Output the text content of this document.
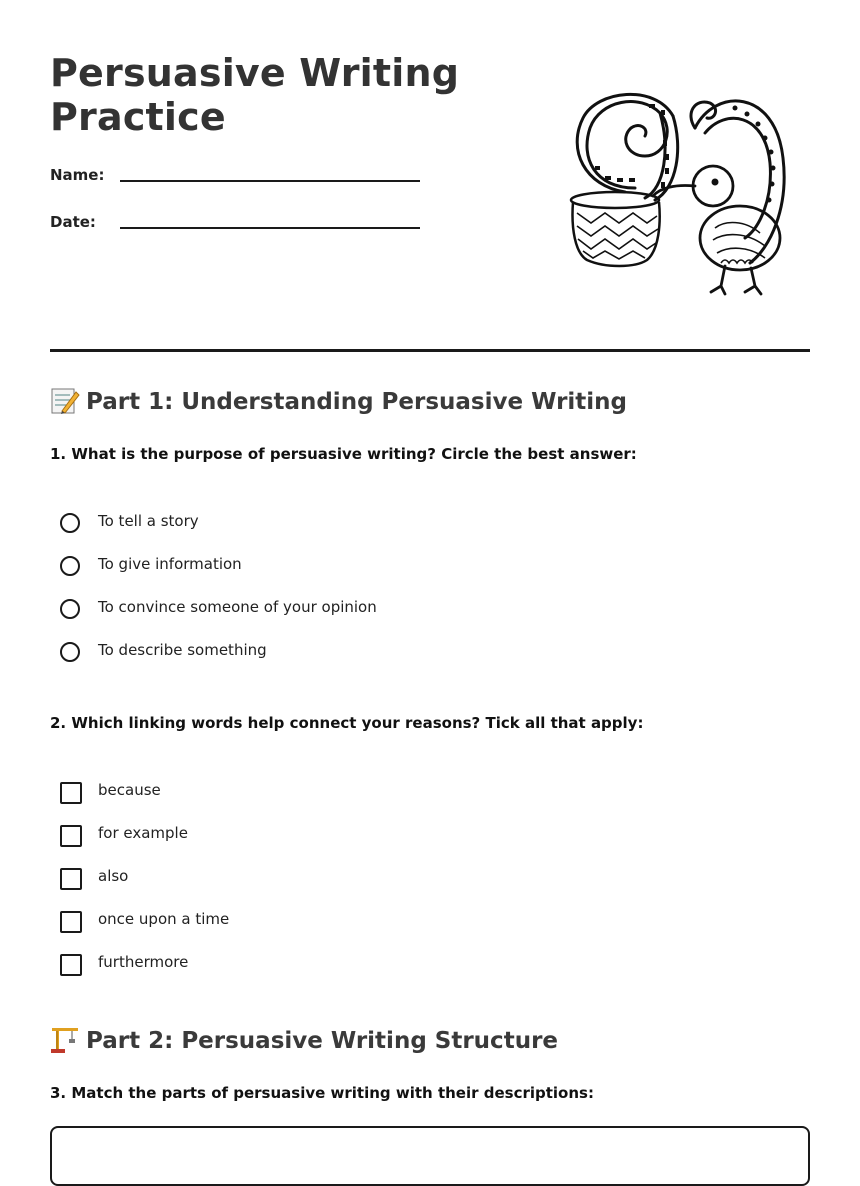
Persuasive Writing Practice
Name:
Date:
Part 1: Understanding Persuasive Writing

1. What is the purpose of persuasive writing? Circle the best answer:

To tell a story
To give information
To convince someone of your opinion
To describe something

2. Which linking words help connect your reasons? Tick all that apply:

because
for example
also
once upon a time
furthermore
Part 2: Persuasive Writing Structure

3. Match the parts of persuasive writing with their descriptions:
